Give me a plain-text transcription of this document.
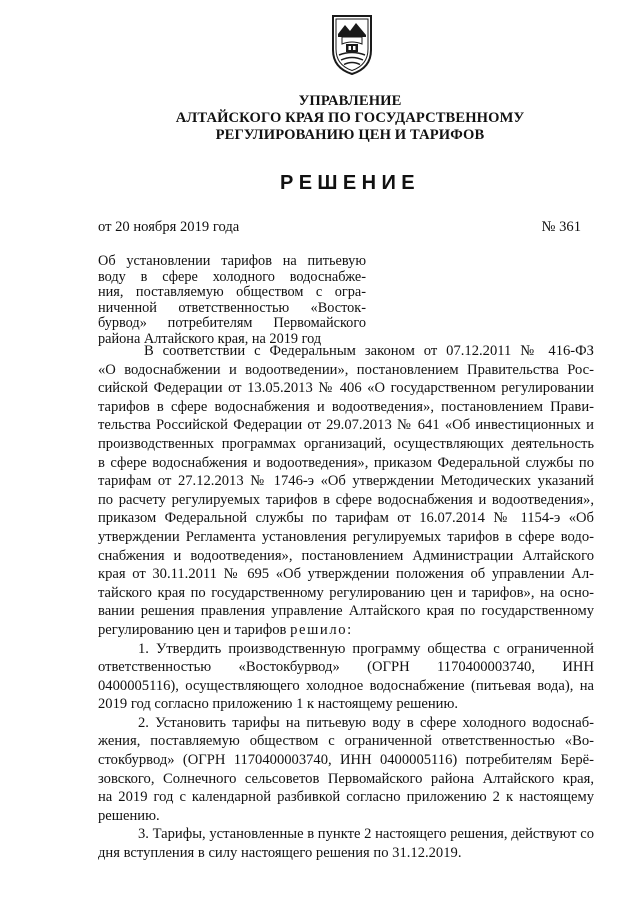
УПРАВЛЕНИЕ
АЛТАЙСКОГО КРАЯ ПО ГОСУДАРСТВЕННОМУ
РЕГУЛИРОВАНИЮ ЦЕН И ТАРИФОВ
РЕШЕНИЕ
от 20 ноября 2019 года	№ 361
Об установлении тарифов на питьевую
воду в сфере холодного водоснабже-
ния, поставляемую обществом с огра-
ниченной ответственностью «Восток-
бурвод» потребителям Первомайского
района Алтайского края, на 2019 год
В соответствии с Федеральным законом от 07.12.2011 № 416-ФЗ
«О водоснабжении и водоотведении», постановлением Правительства Рос-
сийской Федерации от 13.05.2013 № 406 «О государственном регулировании
тарифов в сфере водоснабжения и водоотведения», постановлением Прави-
тельства Российской Федерации от 29.07.2013 № 641 «Об инвестиционных и
производственных программах организаций, осуществляющих деятельность
в сфере водоснабжения и водоотведения», приказом Федеральной службы по
тарифам от 27.12.2013 № 1746-э «Об утверждении Методических указаний
по расчету регулируемых тарифов в сфере водоснабжения и водоотведения»,
приказом Федеральной службы по тарифам от 16.07.2014 № 1154-э «Об
утверждении Регламента установления регулируемых тарифов в сфере водо-
снабжения и водоотведения», постановлением Администрации Алтайского
края от 30.11.2011 № 695 «Об утверждении положения об управлении Ал-
тайского края по государственному регулированию цен и тарифов», на осно-
вании решения правления управление Алтайского края по государственному
регулированию цен и тарифов решило:
1. Утвердить производственную программу общества с ограниченной
ответственностью «Востокбурвод» (ОГРН 1170400003740, ИНН
0400005116), осуществляющего холодное водоснабжение (питьевая вода), на
2019 год согласно приложению 1 к настоящему решению.
2. Установить тарифы на питьевую воду в сфере холодного водоснаб-
жения, поставляемую обществом с ограниченной ответственностью «Во-
стокбурвод» (ОГРН 1170400003740, ИНН 0400005116) потребителям Берё-
зовского, Солнечного сельсоветов Первомайского района Алтайского края,
на 2019 год с календарной разбивкой согласно приложению 2 к настоящему
решению.
3. Тарифы, установленные в пункте 2 настоящего решения, действуют со
дня вступления в силу настоящего решения по 31.12.2019.
